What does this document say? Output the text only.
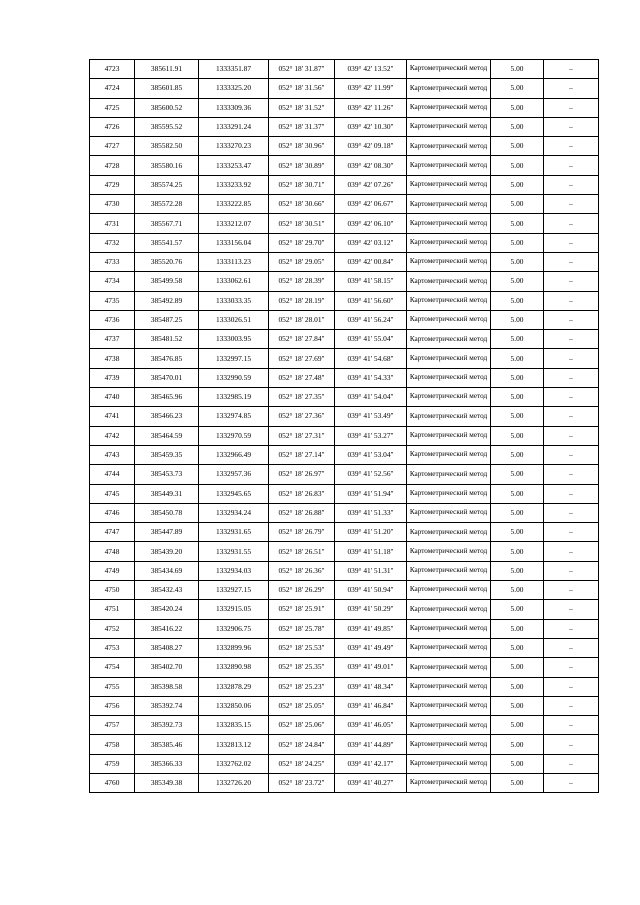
4723	385611.91	1333351.87	052° 18' 31.87"	039° 42' 13.52"	Картометрический метод	5.00	–
4724	385601.85	1333325.20	052° 18' 31.56"	039° 42' 11.99"	Картометрический метод	5.00	–
4725	385600.52	1333309.36	052° 18' 31.52"	039° 42' 11.26"	Картометрический метод	5.00	–
4726	385595.52	1333291.24	052° 18' 31.37"	039° 42' 10.30"	Картометрический метод	5.00	–
4727	385582.50	1333270.23	052° 18' 30.96"	039° 42' 09.18"	Картометрический метод	5.00	–
4728	385580.16	1333253.47	052° 18' 30.89"	039° 42' 08.30"	Картометрический метод	5.00	–
4729	385574.25	1333233.92	052° 18' 30.71"	039° 42' 07.26"	Картометрический метод	5.00	–
4730	385572.28	1333222.85	052° 18' 30.66"	039° 42' 06.67"	Картометрический метод	5.00	–
4731	385567.71	1333212.07	052° 18' 30.51"	039° 42' 06.10"	Картометрический метод	5.00	–
4732	385541.57	1333156.04	052° 18' 29.70"	039° 42' 03.12"	Картометрический метод	5.00	–
4733	385520.76	1333113.23	052° 18' 29.05"	039° 42' 00.84"	Картометрический метод	5.00	–
4734	385499.58	1333062.61	052° 18' 28.39"	039° 41' 58.15"	Картометрический метод	5.00	–
4735	385492.89	1333033.35	052° 18' 28.19"	039° 41' 56.60"	Картометрический метод	5.00	–
4736	385487.25	1333026.51	052° 18' 28.01"	039° 41' 56.24"	Картометрический метод	5.00	–
4737	385481.52	1333003.95	052° 18' 27.84"	039° 41' 55.04"	Картометрический метод	5.00	–
4738	385476.85	1332997.15	052° 18' 27.69"	039° 41' 54.68"	Картометрический метод	5.00	–
4739	385470.01	1332990.59	052° 18' 27.48"	039° 41' 54.33"	Картометрический метод	5.00	–
4740	385465.96	1332985.19	052° 18' 27.35"	039° 41' 54.04"	Картометрический метод	5.00	–
4741	385466.23	1332974.85	052° 18' 27.36"	039° 41' 53.49"	Картометрический метод	5.00	–
4742	385464.59	1332970.59	052° 18' 27.31"	039° 41' 53.27"	Картометрический метод	5.00	–
4743	385459.35	1332966.49	052° 18' 27.14"	039° 41' 53.04"	Картометрический метод	5.00	–
4744	385453.73	1332957.36	052° 18' 26.97"	039° 41' 52.56"	Картометрический метод	5.00	–
4745	385449.31	1332945.65	052° 18' 26.83"	039° 41' 51.94"	Картометрический метод	5.00	–
4746	385450.78	1332934.24	052° 18' 26.88"	039° 41' 51.33"	Картометрический метод	5.00	–
4747	385447.89	1332931.65	052° 18' 26.79"	039° 41' 51.20"	Картометрический метод	5.00	–
4748	385439.20	1332931.55	052° 18' 26.51"	039° 41' 51.18"	Картометрический метод	5.00	–
4749	385434.69	1332934.03	052° 18' 26.36"	039° 41' 51.31"	Картометрический метод	5.00	–
4750	385432.43	1332927.15	052° 18' 26.29"	039° 41' 50.94"	Картометрический метод	5.00	–
4751	385420.24	1332915.05	052° 18' 25.91"	039° 41' 50.29"	Картометрический метод	5.00	–
4752	385416.22	1332906.75	052° 18' 25.78"	039° 41' 49.85"	Картометрический метод	5.00	–
4753	385408.27	1332899.96	052° 18' 25.53"	039° 41' 49.49"	Картометрический метод	5.00	–
4754	385402.70	1332890.98	052° 18' 25.35"	039° 41' 49.01"	Картометрический метод	5.00	–
4755	385398.58	1332878.29	052° 18' 25.23"	039° 41' 48.34"	Картометрический метод	5.00	–
4756	385392.74	1332850.06	052° 18' 25.05"	039° 41' 46.84"	Картометрический метод	5.00	–
4757	385392.73	1332835.15	052° 18' 25.06"	039° 41' 46.05"	Картометрический метод	5.00	–
4758	385385.46	1332813.12	052° 18' 24.84"	039° 41' 44.89"	Картометрический метод	5.00	–
4759	385366.33	1332762.02	052° 18' 24.25"	039° 41' 42.17"	Картометрический метод	5.00	–
4760	385349.38	1332726.20	052° 18' 23.72"	039° 41' 40.27"	Картометрический метод	5.00	–
